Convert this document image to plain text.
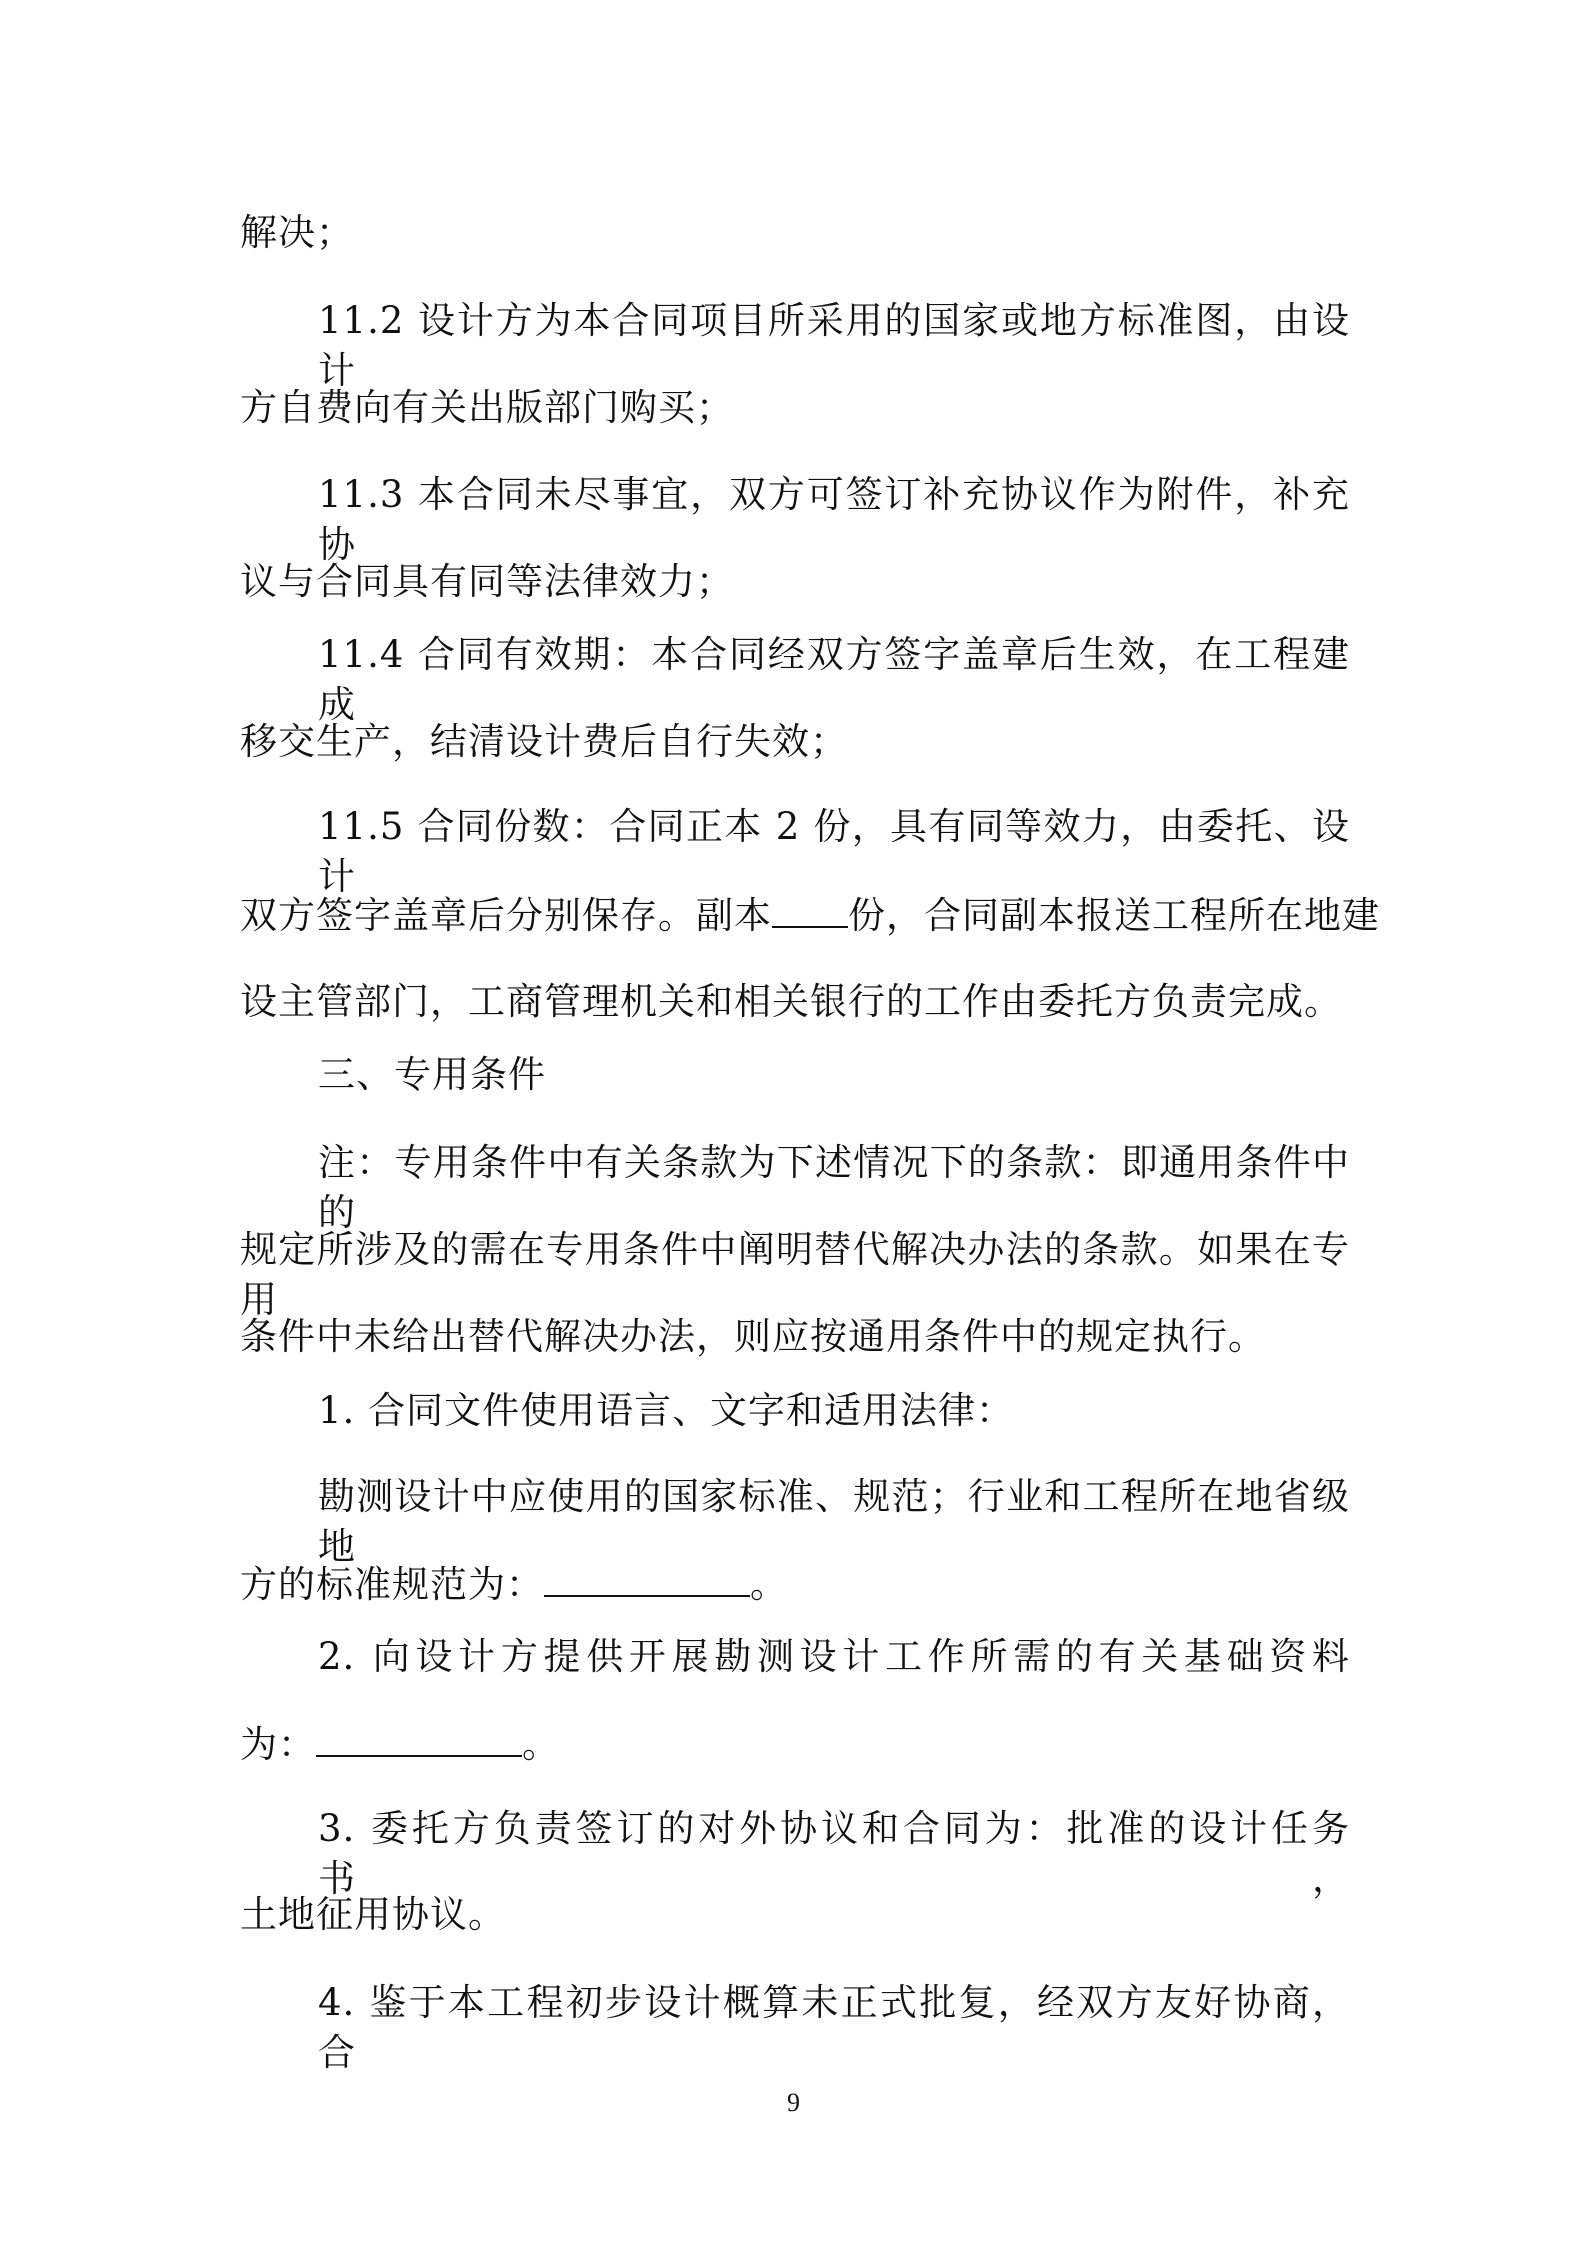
解决；
11.2 设计方为本合同项目所采用的国家或地方标准图，由设计
方自费向有关出版部门购买；
11.3 本合同未尽事宜，双方可签订补充协议作为附件，补充协
议与合同具有同等法律效力；
11.4 合同有效期：本合同经双方签字盖章后生效，在工程建成
移交生产，结清设计费后自行失效；
11.5 合同份数：合同正本 2 份，具有同等效力，由委托、设计
双方签字盖章后分别保存。副本 份，合同副本报送工程所在地建
设主管部门，工商管理机关和相关银行的工作由委托方负责完成。
三、专用条件
注：专用条件中有关条款为下述情况下的条款：即通用条件中的
规定所涉及的需在专用条件中阐明替代解决办法的条款。如果在专用
条件中未给出替代解决办法，则应按通用条件中的规定执行。
1. 合同文件使用语言、文字和适用法律：
勘测设计中应使用的国家标准、规范；行业和工程所在地省级地
方的标准规范为：	。
2. 向设计方提供开展勘测设计工作所需的有关基础资料
为：	。
3. 委托方负责签订的对外协议和合同为：批准的设计任务书，
土地征用协议。
4. 鉴于本工程初步设计概算未正式批复，经双方友好协商，合
9
